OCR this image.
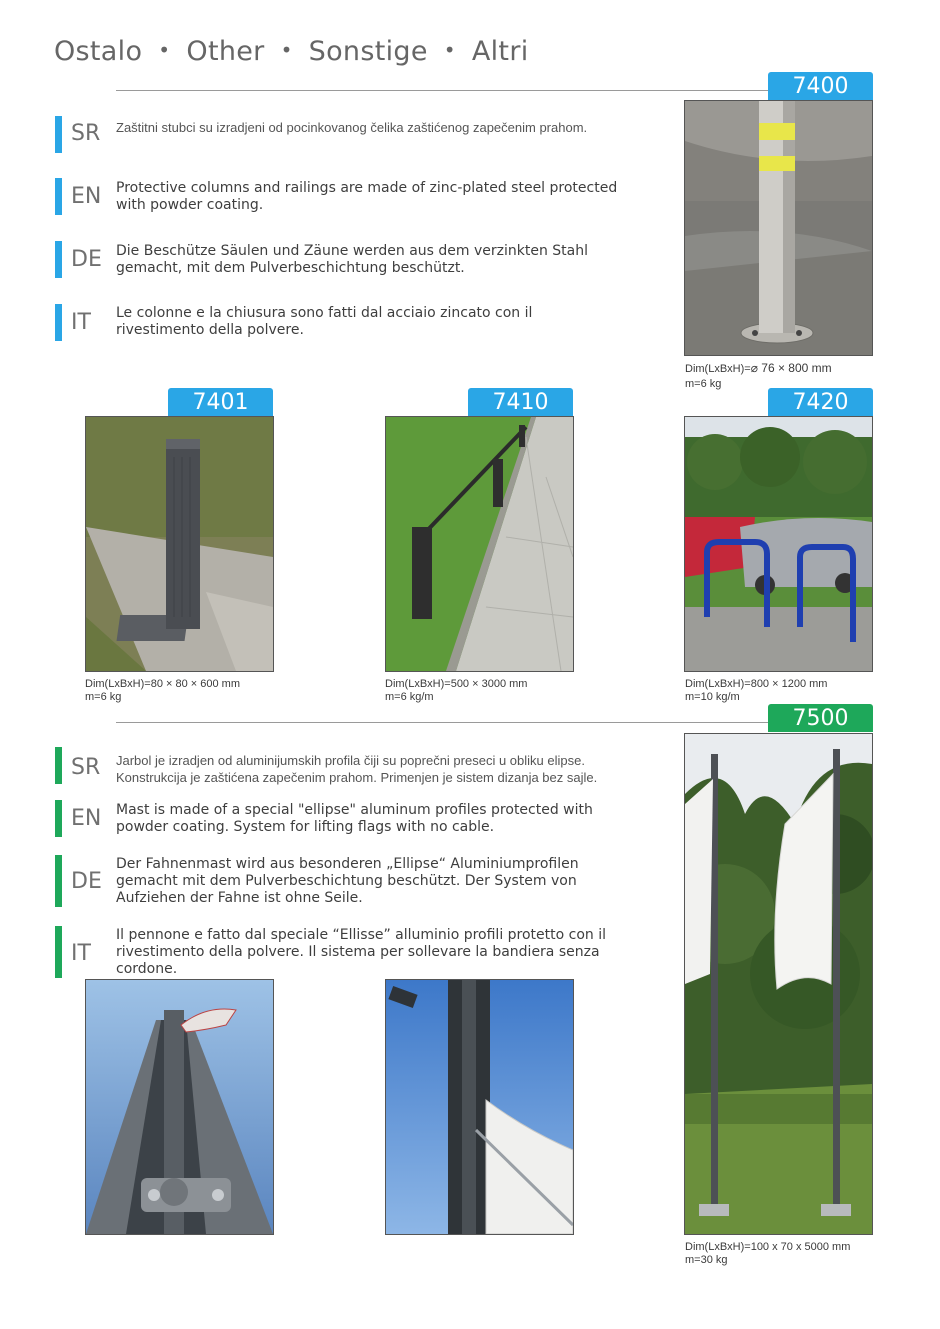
Ostalo • Other • Sonstige • Altri
SR Zaštitni stubci su izradjeni od pocinkovanog čelika zaštićenog zapečenim prahom.
EN Protective columns and railings are made of zinc-plated steel protected with powder coating.
DE Die Beschütze Säulen und Zäune werden aus dem verzinkten Stahl gemacht, mit dem Pulverbeschichtung beschützt.
IT Le colonne e la chiusura sono fatti dal acciaio zincato con il rivestimento della polvere.
7400
Dim(LxBxH)=⌀ 76 × 800 mm
m=6 kg
7401
Dim(LxBxH)=80 × 80 × 600 mm
m=6 kg
7410
Dim(LxBxH)=500 × 3000 mm
m=6 kg/m
7420
Dim(LxBxH)=800 × 1200 mm
m=10 kg/m
7500
SR Jarbol je izradjen od aluminijumskih profila čiji su poprečni preseci u obliku elipse. Konstrukcija je zaštićena zapečenim prahom. Primenjen je sistem dizanja bez sajle.
EN Mast is made of a special "ellipse" aluminum profiles protected with powder coating. System for lifting flags with no cable.
DE
Der Fahnenmast wird aus besonderen „Ellipse“ Aluminiumprofilen gemacht mit dem Pulverbeschichtung beschützt. Der System von Aufziehen der Fahne ist ohne Seile.
IT
Il pennone e fatto dal speciale “Ellisse” alluminio profili protetto con il rivestimento della polvere. Il sistema per sollevare la bandiera senza cordone.
Dim(LxBxH)=100 x 70 x 5000 mm
m=30 kg
